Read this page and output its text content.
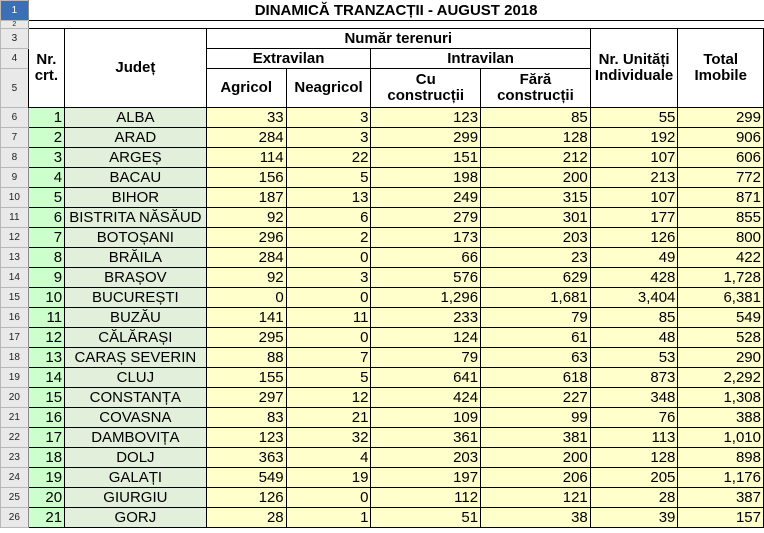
1	DINAMICĂ TRANZACȚII - AUGUST 2018							
2								
3	Nr. crt.	Județ	Număr terenuri				Nr. Unități Individuale	Total Imobile
4			Extravilan		Intravilan			
5			Agricol	Neagricol	Cu construcții	Fără construcții		
6	1	ALBA	33	3	123	85	55	299
7	2	ARAD	284	3	299	128	192	906
8	3	ARGEȘ	114	22	151	212	107	606
9	4	BACAU	156	5	198	200	213	772
10	5	BIHOR	187	13	249	315	107	871
11	6	BISTRITA NĂSĂUD	92	6	279	301	177	855
12	7	BOTOȘANI	296	2	173	203	126	800
13	8	BRĂILA	284	0	66	23	49	422
14	9	BRAȘOV	92	3	576	629	428	1,728
15	10	BUCUREȘTI	0	0	1,296	1,681	3,404	6,381
16	11	BUZĂU	141	11	233	79	85	549
17	12	CĂLĂRAȘI	295	0	124	61	48	528
18	13	CARAȘ SEVERIN	88	7	79	63	53	290
19	14	CLUJ	155	5	641	618	873	2,292
20	15	CONSTANȚA	297	12	424	227	348	1,308
21	16	COVASNA	83	21	109	99	76	388
22	17	DAMBOVIȚA	123	32	361	381	113	1,010
23	18	DOLJ	363	4	203	200	128	898
24	19	GALAȚI	549	19	197	206	205	1,176
25	20	GIURGIU	126	0	112	121	28	387
26	21	GORJ	28	1	51	38	39	157
